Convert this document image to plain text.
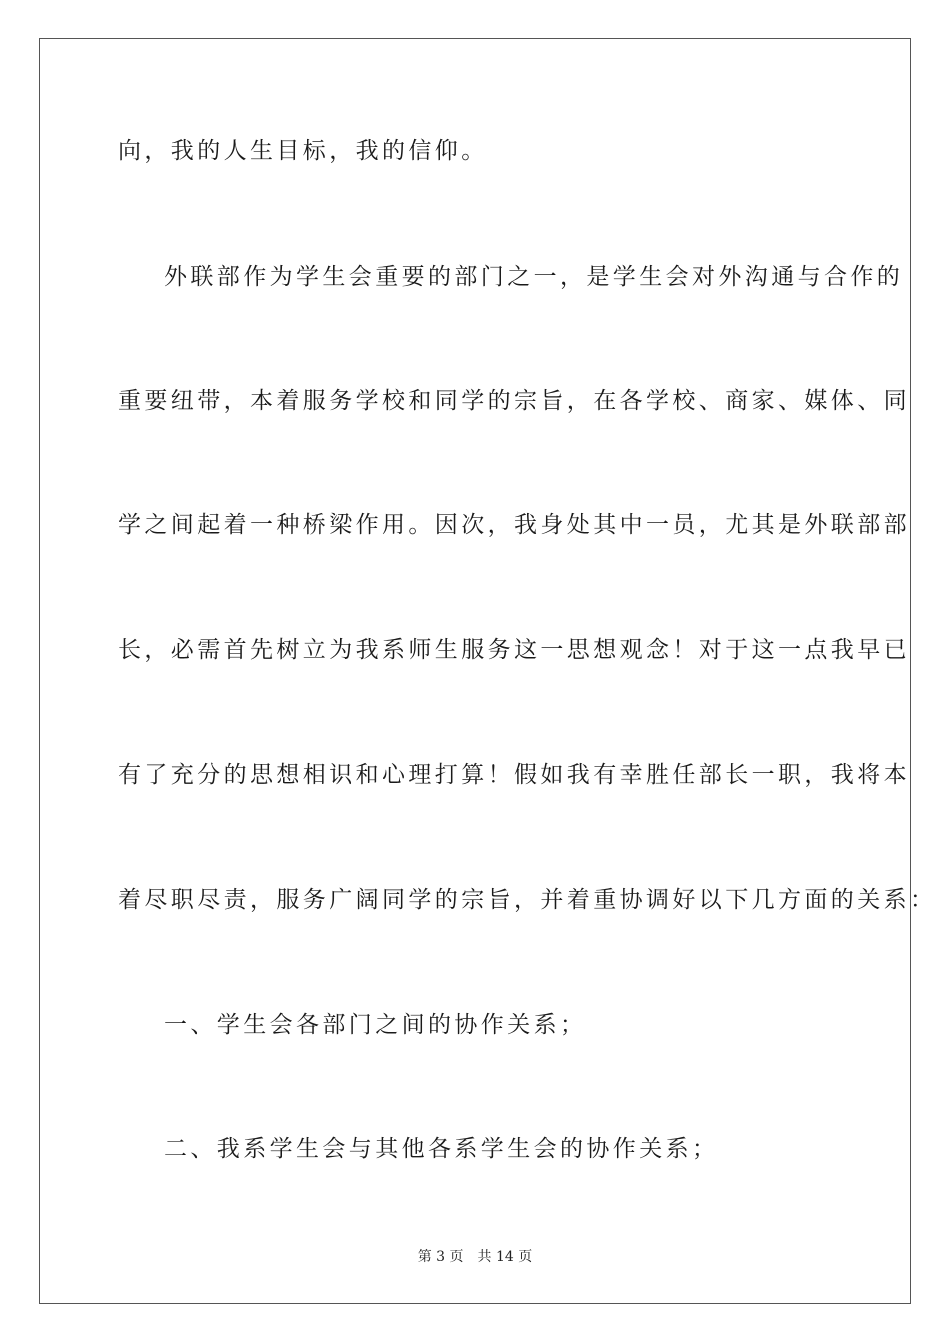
向，我的人生目标，我的信仰。
外联部作为学生会重要的部门之一，是学生会对外沟通与合作的
重要纽带，本着服务学校和同学的宗旨，在各学校、商家、媒体、同
学之间起着一种桥梁作用。因次，我身处其中一员，尤其是外联部部
长，必需首先树立为我系师生服务这一思想观念！对于这一点我早已
有了充分的思想相识和心理打算！假如我有幸胜任部长一职，我将本
着尽职尽责，服务广阔同学的宗旨，并着重协调好以下几方面的关系：
一、学生会各部门之间的协作关系；
二、我系学生会与其他各系学生会的协作关系；
第 3 页 共 14 页
